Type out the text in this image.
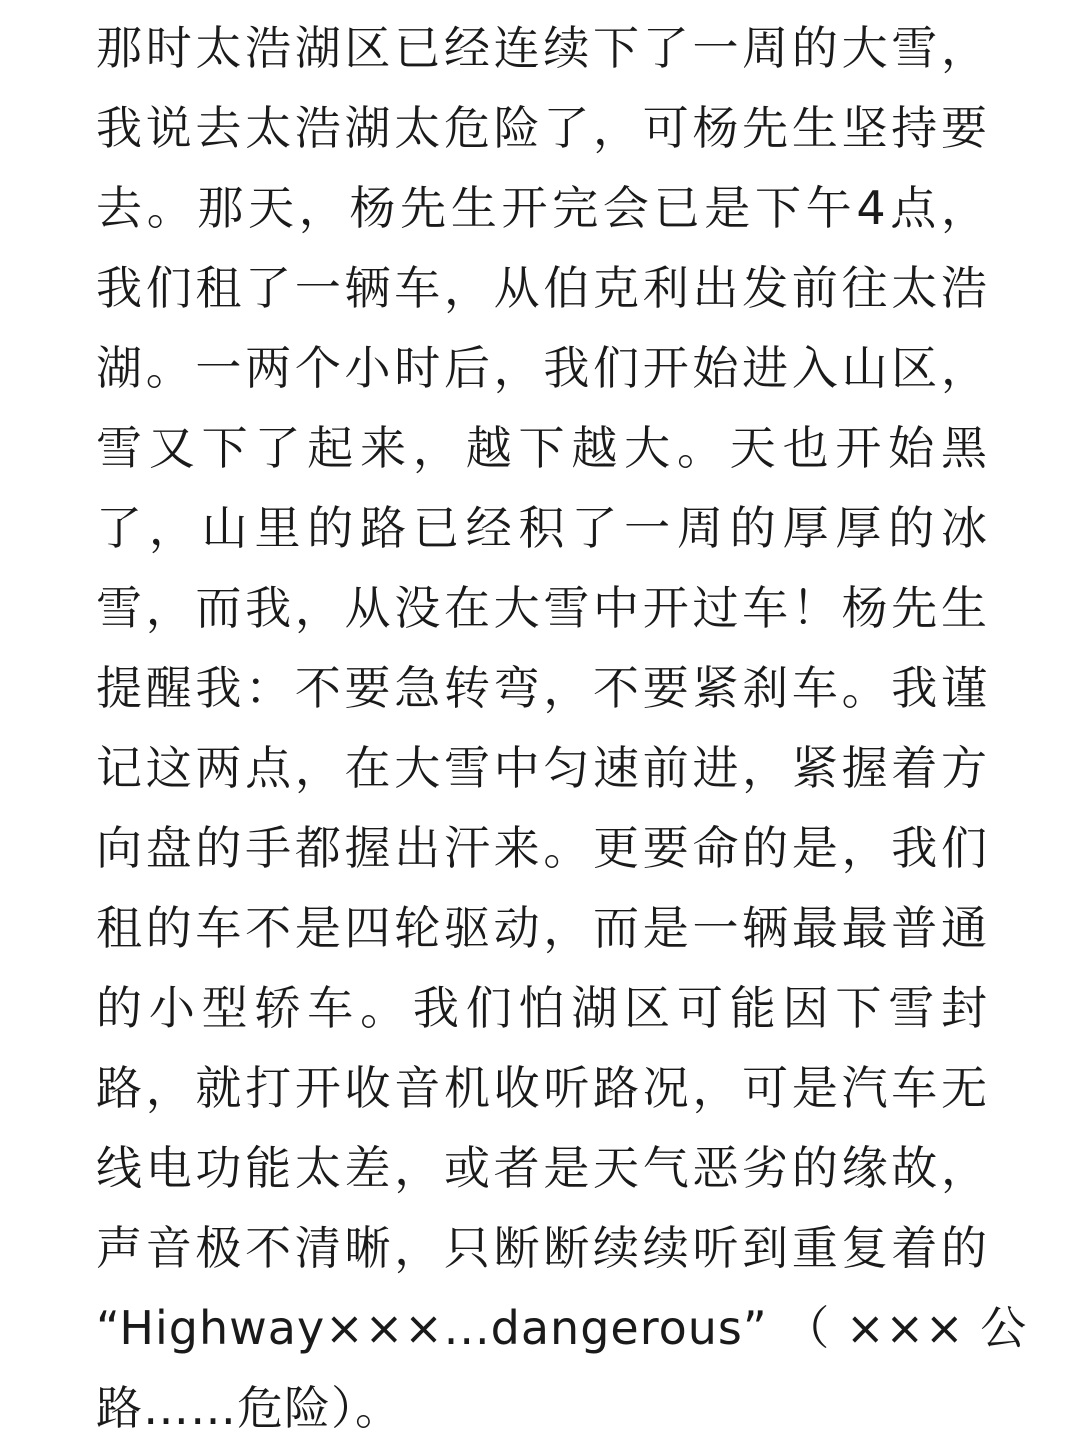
那时太浩湖区已经连续下了一周的大雪，
我说去太浩湖太危险了，可杨先生坚持要
去。那天，杨先生开完会已是下午4点，
我们租了一辆车，从伯克利出发前往太浩
湖。一两个小时后，我们开始进入山区，
雪又下了起来，越下越大。天也开始黑
了，山里的路已经积了一周的厚厚的冰
雪，而我，从没在大雪中开过车！杨先生
提醒我：不要急转弯，不要紧刹车。我谨
记这两点，在大雪中匀速前进，紧握着方
向盘的手都握出汗来。更要命的是，我们
租的车不是四轮驱动，而是一辆最最普通
的小型轿车。我们怕湖区可能因下雪封
路，就打开收音机收听路况，可是汽车无
线电功能太差，或者是天气恶劣的缘故，
声音极不清晰，只断断续续听到重复着的
“Highway×××...dangerous” （ ××× 公
路……危险）。
